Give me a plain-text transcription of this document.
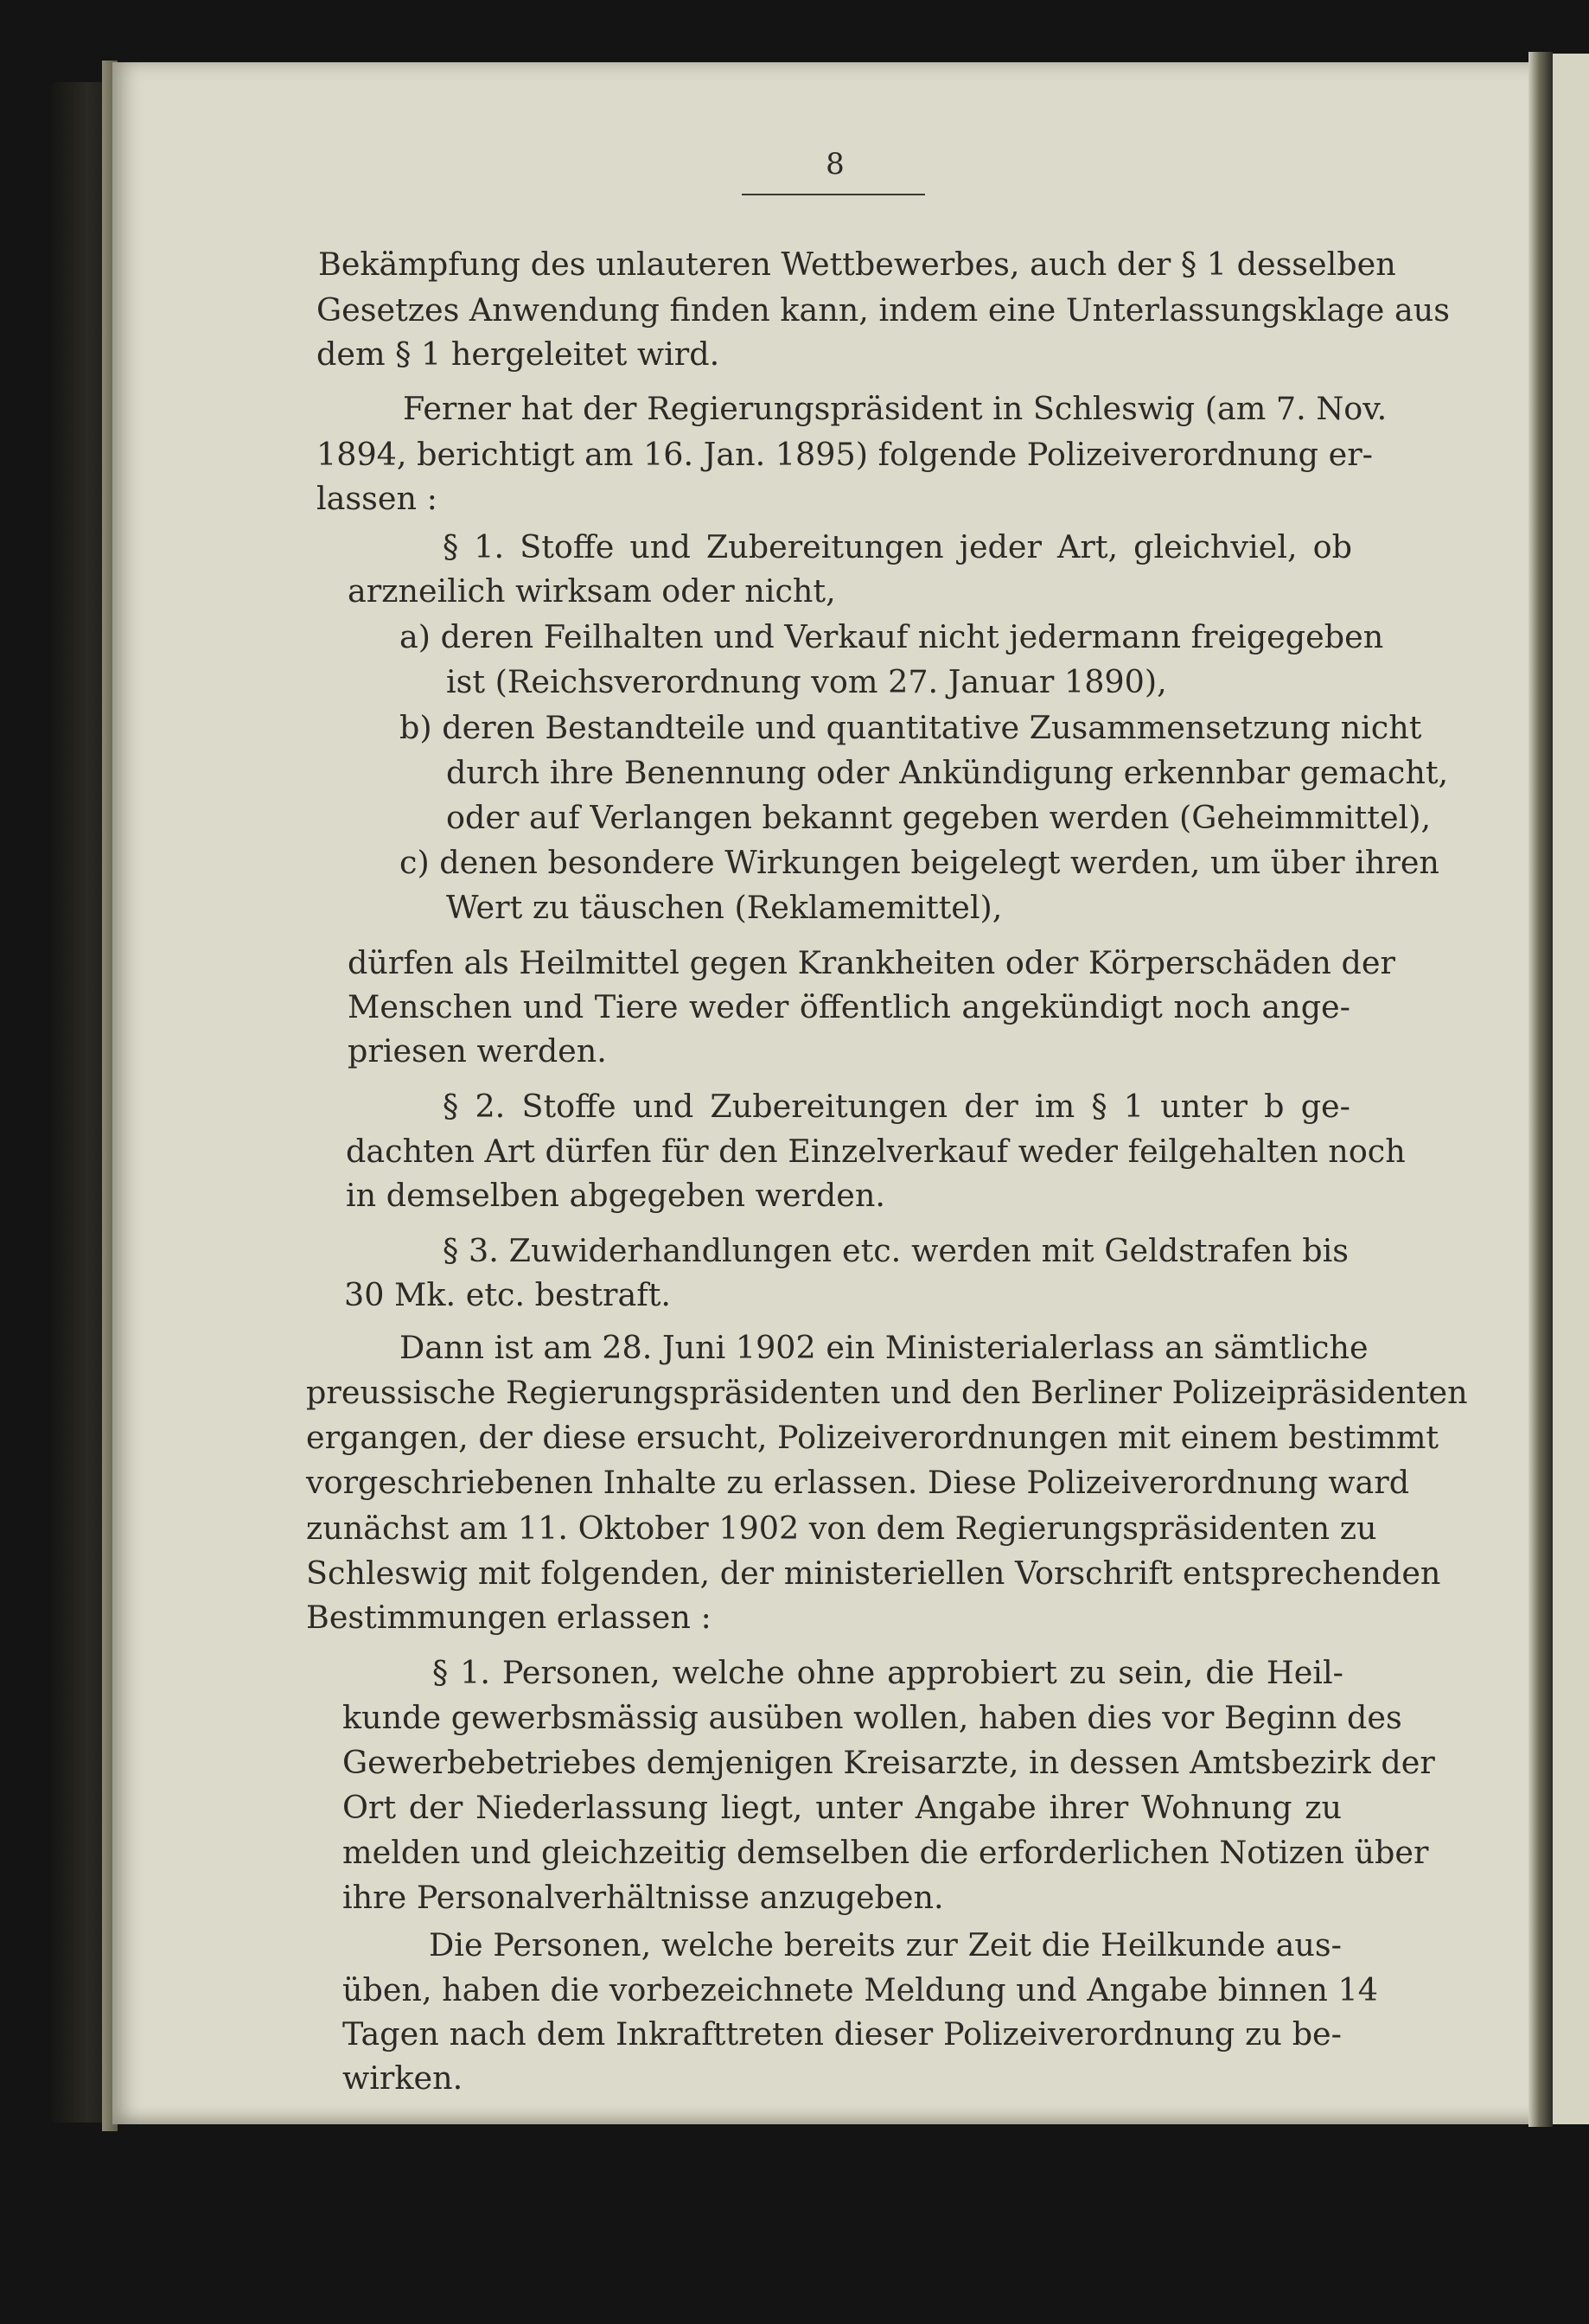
8
Bekämpfung des unlauteren Wettbewerbes, auch der § 1 desselben
Gesetzes Anwendung finden kann, indem eine Unterlassungsklage aus
dem § 1 hergeleitet wird.
Ferner hat der Regierungspräsident in Schleswig (am 7. Nov.
1894, berichtigt am 16. Jan. 1895) folgende Polizeiverordnung er-
lassen :
§ 1. Stoffe und Zubereitungen jeder Art, gleichviel, ob
arzneilich wirksam oder nicht,
a) deren Feilhalten und Verkauf nicht jedermann freigegeben
ist (Reichsverordnung vom 27. Januar 1890),
b) deren Bestandteile und quantitative Zusammensetzung nicht
durch ihre Benennung oder Ankündigung erkennbar gemacht,
oder auf Verlangen bekannt gegeben werden (Geheimmittel),
c) denen besondere Wirkungen beigelegt werden, um über ihren
Wert zu täuschen (Reklamemittel),
dürfen als Heilmittel gegen Krankheiten oder Körperschäden der
Menschen und Tiere weder öffentlich angekündigt noch ange-
priesen werden.
§ 2. Stoffe und Zubereitungen der im § 1 unter b ge-
dachten Art dürfen für den Einzelverkauf weder feilgehalten noch
in demselben abgegeben werden.
§ 3. Zuwiderhandlungen etc. werden mit Geldstrafen bis
30 Mk. etc. bestraft.
Dann ist am 28. Juni 1902 ein Ministerialerlass an sämtliche
preussische Regierungspräsidenten und den Berliner Polizeipräsidenten
ergangen, der diese ersucht, Polizeiverordnungen mit einem bestimmt
vorgeschriebenen Inhalte zu erlassen. Diese Polizeiverordnung ward
zunächst am 11. Oktober 1902 von dem Regierungspräsidenten zu
Schleswig mit folgenden, der ministeriellen Vorschrift entsprechenden
Bestimmungen erlassen :
§ 1. Personen, welche ohne approbiert zu sein, die Heil-
kunde gewerbsmässig ausüben wollen, haben dies vor Beginn des
Gewerbebetriebes demjenigen Kreisarzte, in dessen Amtsbezirk der
Ort der Niederlassung liegt, unter Angabe ihrer Wohnung zu
melden und gleichzeitig demselben die erforderlichen Notizen über
ihre Personalverhältnisse anzugeben.
Die Personen, welche bereits zur Zeit die Heilkunde aus-
üben, haben die vorbezeichnete Meldung und Angabe binnen 14
Tagen nach dem Inkrafttreten dieser Polizeiverordnung zu be-
wirken.
